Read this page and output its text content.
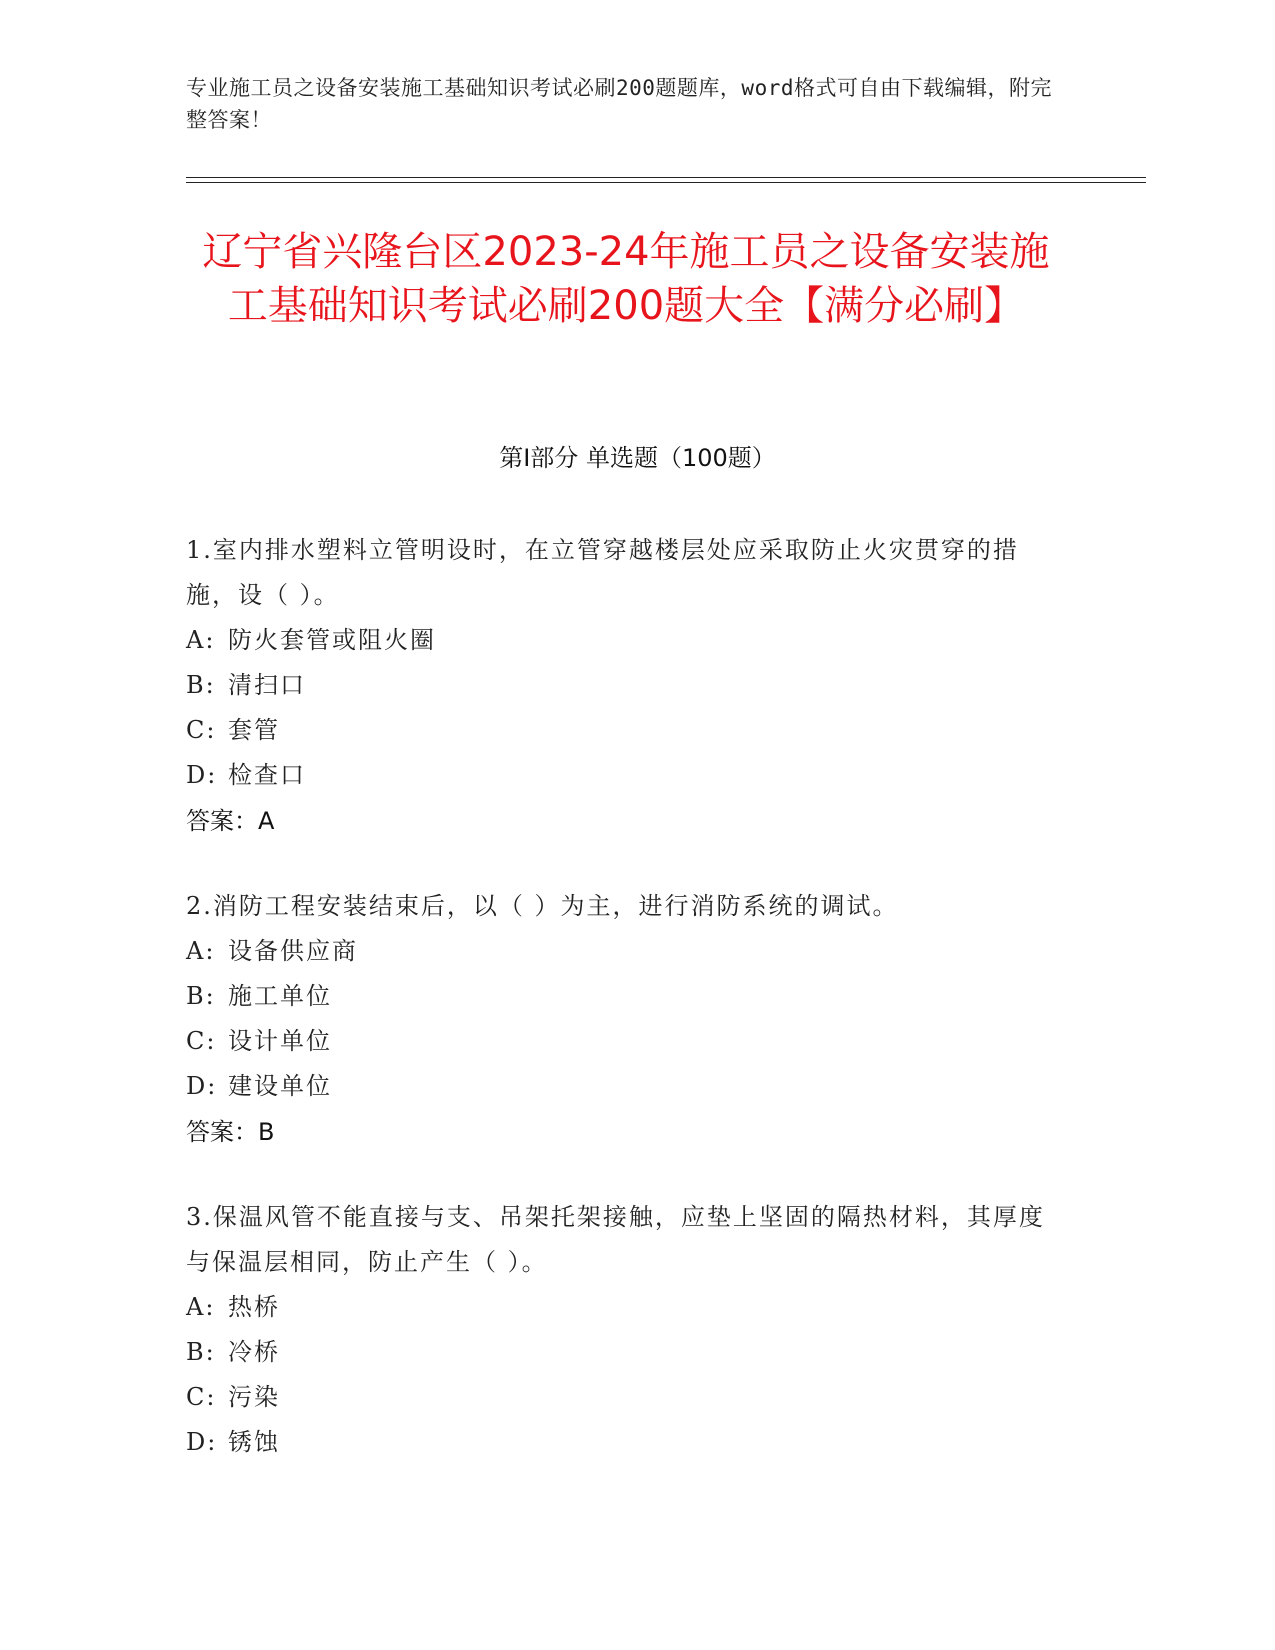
专业施工员之设备安装施工基础知识考试必刷200题题库，word格式可自由下载编辑，附完整答案！
辽宁省兴隆台区2023-24年施工员之设备安装施工基础知识考试必刷200题大全【满分必刷】
第I部分 单选题（100题）
1.室内排水塑料立管明设时，在立管穿越楼层处应采取防止火灾贯穿的措施，设（ ）。
A: 防火套管或阻火圈
B: 清扫口
C: 套管
D: 检查口
答案：A
2.消防工程安装结束后，以（ ）为主，进行消防系统的调试。
A: 设备供应商
B: 施工单位
C: 设计单位
D: 建设单位
答案：B
3.保温风管不能直接与支、吊架托架接触，应垫上坚固的隔热材料，其厚度与保温层相同，防止产生（ ）。
A: 热桥
B: 冷桥
C: 污染
D: 锈蚀
